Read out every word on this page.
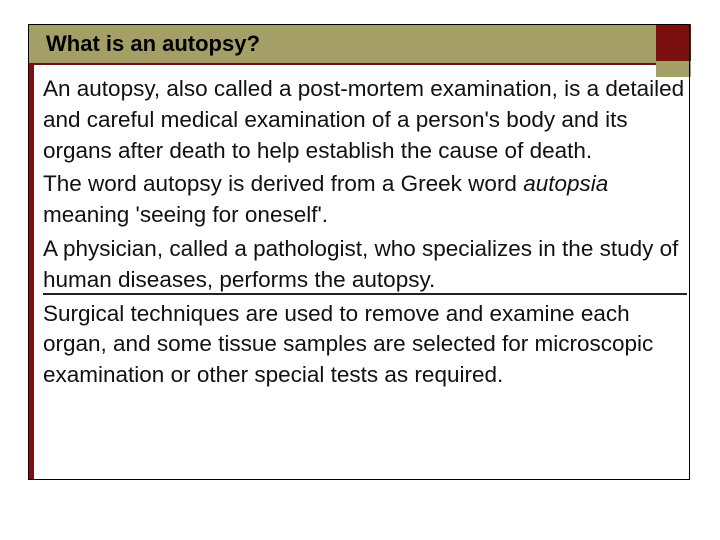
What is an autopsy?

An autopsy, also called a post-mortem examination, is a detailed and careful medical examination of a person's body and its organs after death to help establish the cause of death.

The word autopsy is derived from a Greek word autopsia meaning 'seeing for oneself'.

A physician, called a pathologist, who specializes in the study of human diseases, performs the autopsy.

Surgical techniques are used to remove and examine each organ, and some tissue samples are selected for microscopic examination or other special tests as required.
